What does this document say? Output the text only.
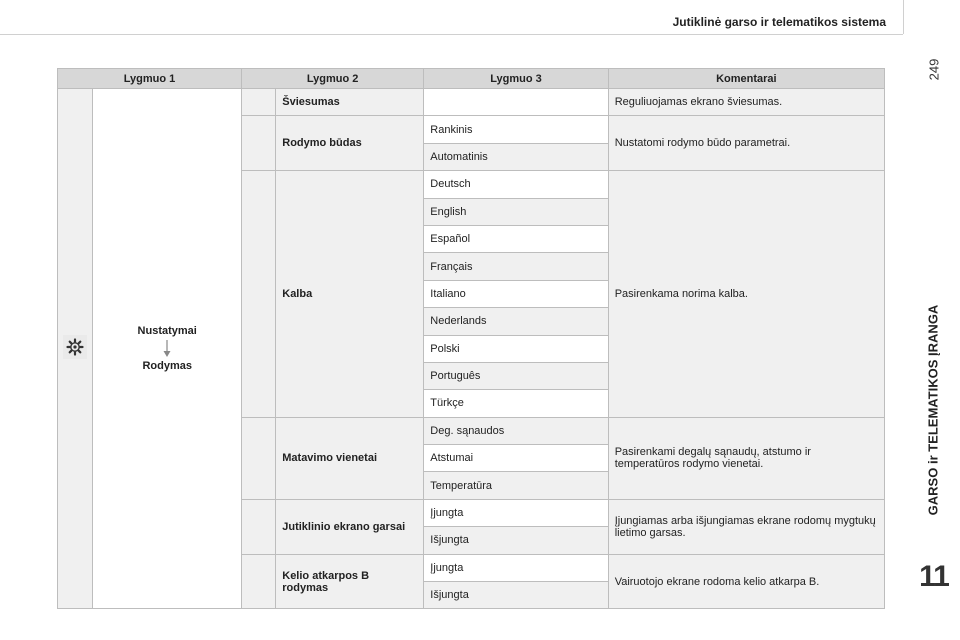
Jutiklinė garso ir telematikos sistema
249
GARSO ir TELEMATIKOS ĮRANGA
11
Lygmuo 1		Lygmuo 2		Lygmuo 3	Komentarai

Nustatymai
Rodymas		Šviesumas		Reguliuojamas ekrano šviesumas.
			Rodymo būdas	Rankinis	Nustatomi rodymo būdo parametrai.
				Automatinis	
			Kalba	Deutsch	Pasirenkama norima kalba.
				English	
				Español	
				Français	
				Italiano	
				Nederlands	
				Polski	
				Português	
				Türkçe	
			Matavimo vienetai	Deg. sąnaudos	Pasirenkami degalų sąnaudų, atstumo ir temperatūros rodymo vienetai.
				Atstumai	
				Temperatūra	
			Jutiklinio ekrano garsai	Įjungta	Įjungiamas arba išjungiamas ekrane rodomų mygtukų lietimo garsas.
				Išjungta	
			Kelio atkarpos B rodymas	Įjungta	Vairuotojo ekrane rodoma kelio atkarpa B.
				Išjungta	
